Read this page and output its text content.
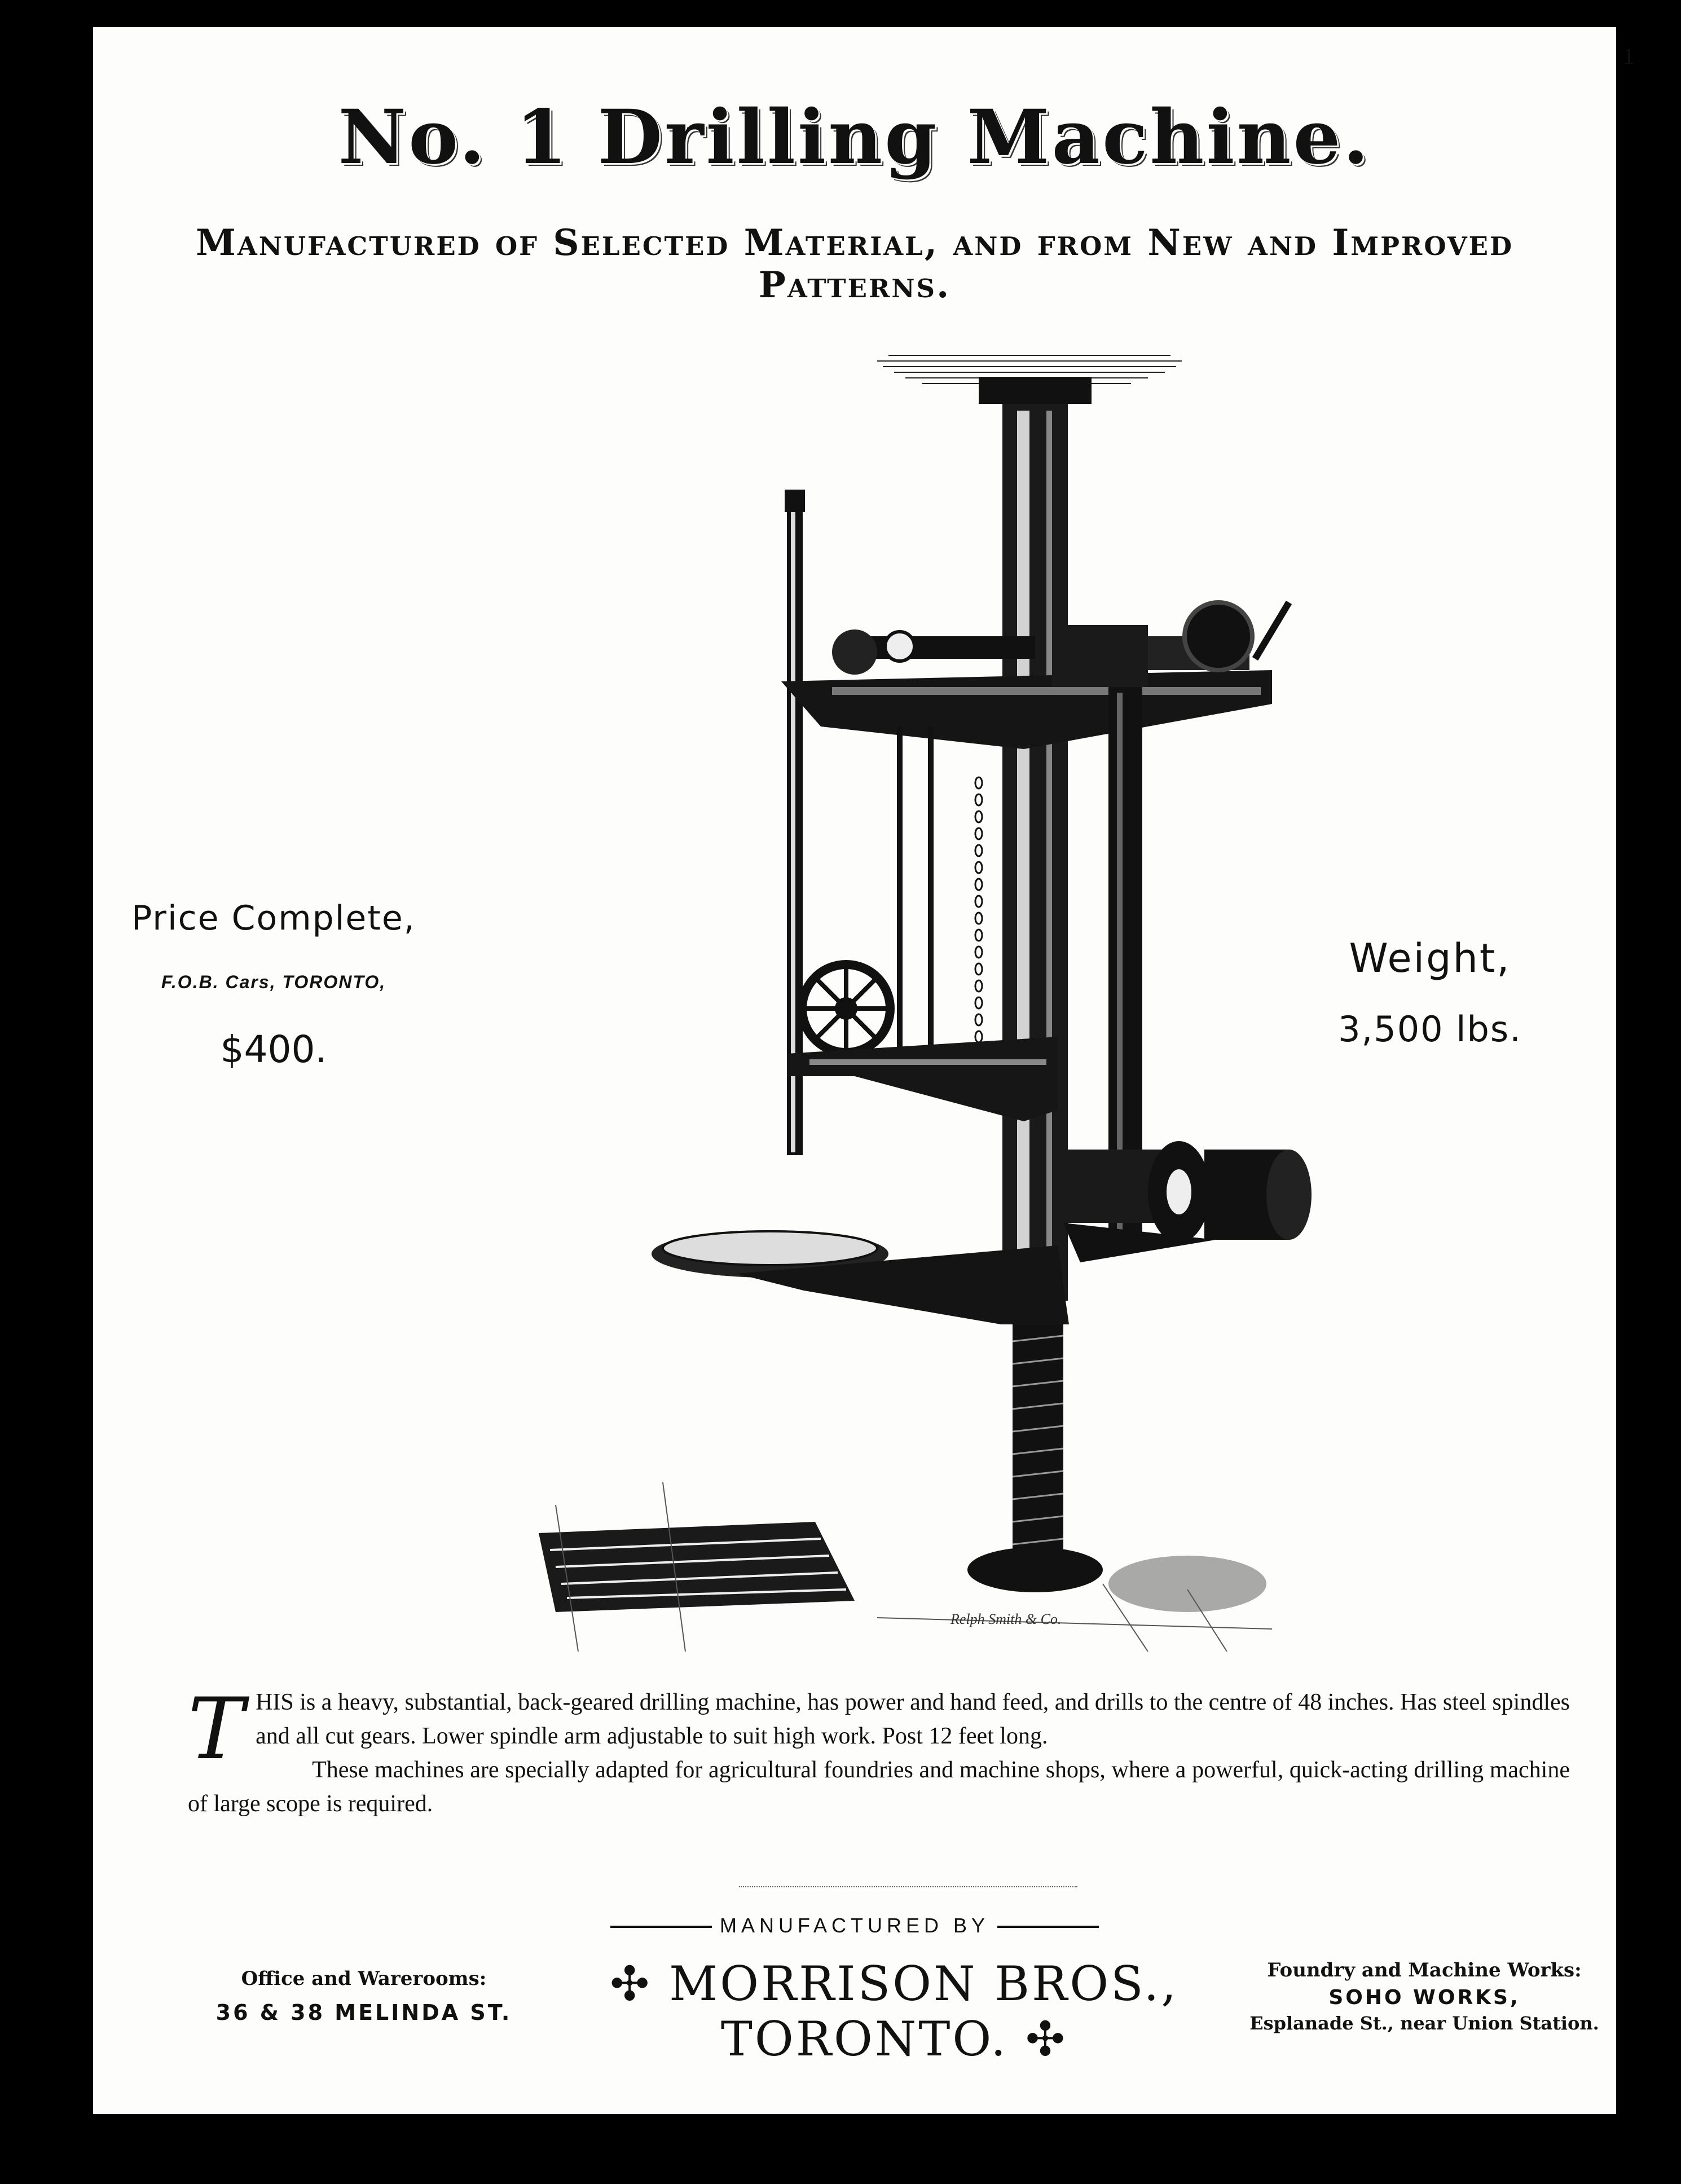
1
No. 1 Drilling Machine.
Manufactured of Selected Material, and from New and Improved Patterns.
Price Complete,
F.O.B. Cars, TORONTO,
$400.
Weight,
3,500 lbs.
Relph Smith & Co.
T HIS is a heavy, substantial, back-geared drilling machine, has power and hand feed, and drills to the centre of 48 inches. Has steel spindles and all cut gears. Lower spindle arm adjustable to suit high work. Post 12 feet long.
These machines are specially adapted for agricultural foundries and machine shops, where a powerful, quick-acting drilling machine of large scope is required.
MANUFACTURED BY
Office and Warerooms:
36 & 38 MELINDA ST.
✣ MORRISON BROS., TORONTO. ✣
Foundry and Machine Works:
SOHO WORKS,
Esplanade St., near Union Station.
